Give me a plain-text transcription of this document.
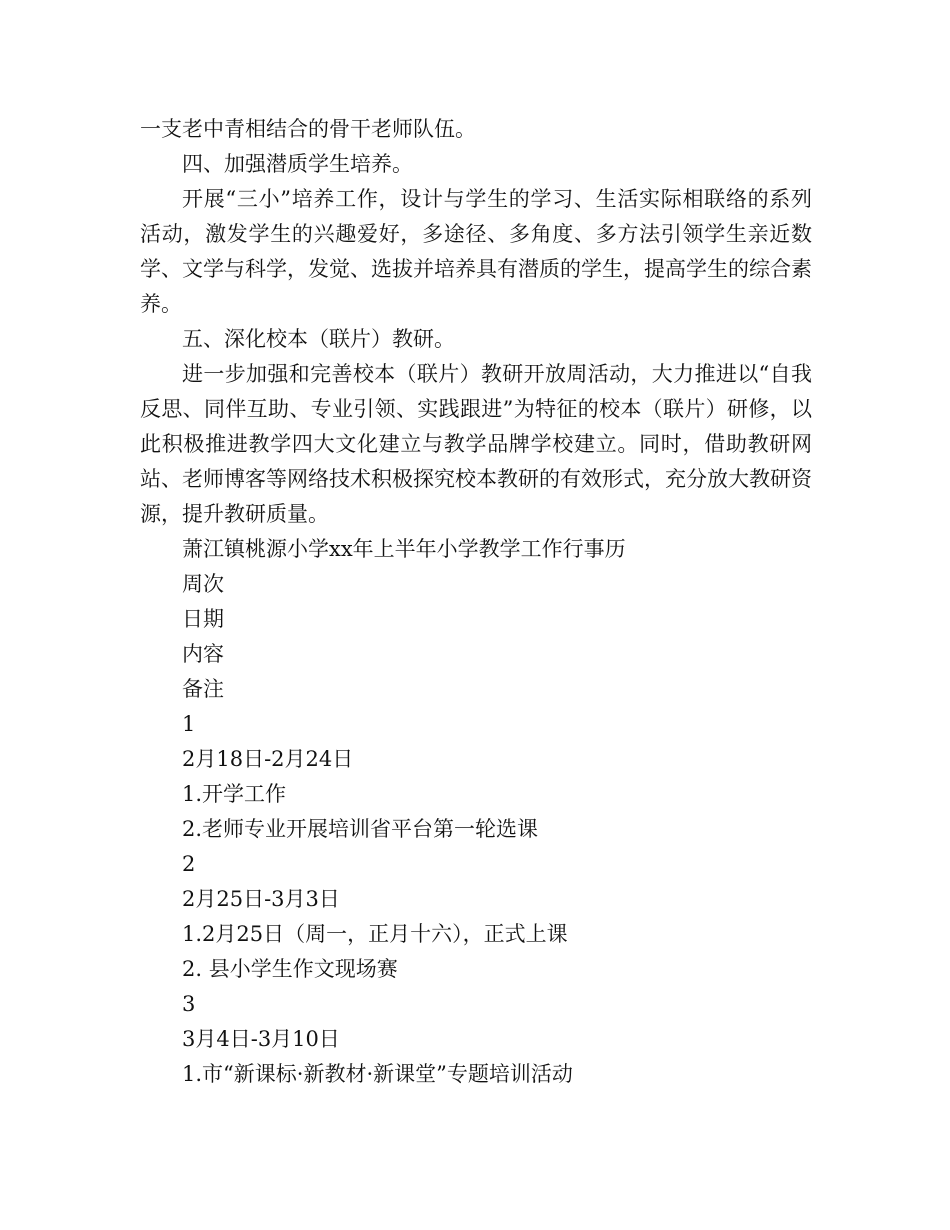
一支老中青相结合的骨干老师队伍。

四、加强潜质学生培养。

开展“三小”培养工作，设计与学生的学习、生活实际相联络的系列活动，激发学生的兴趣爱好，多途径、多角度、多方法引领学生亲近数学、文学与科学，发觉、选拔并培养具有潜质的学生，提高学生的综合素养。

五、深化校本（联片）教研。

进一步加强和完善校本（联片）教研开放周活动，大力推进以“自我反思、同伴互助、专业引领、实践跟进”为特征的校本（联片）研修，以此积极推进教学四大文化建立与教学品牌学校建立。同时，借助教研网站、老师博客等网络技术积极探究校本教研的有效形式，充分放大教研资源，提升教研质量。

萧江镇桃源小学xx年上半年小学教学工作行事历

周次

日期

内容

备注

1

2月18日-2月24日

1.开学工作

2.老师专业开展培训省平台第一轮选课

2

2月25日-3月3日

1.2月25日（周一，正月十六），正式上课

2. 县小学生作文现场赛

3

3月4日-3月10日

1.市“新课标·新教材·新课堂”专题培训活动
